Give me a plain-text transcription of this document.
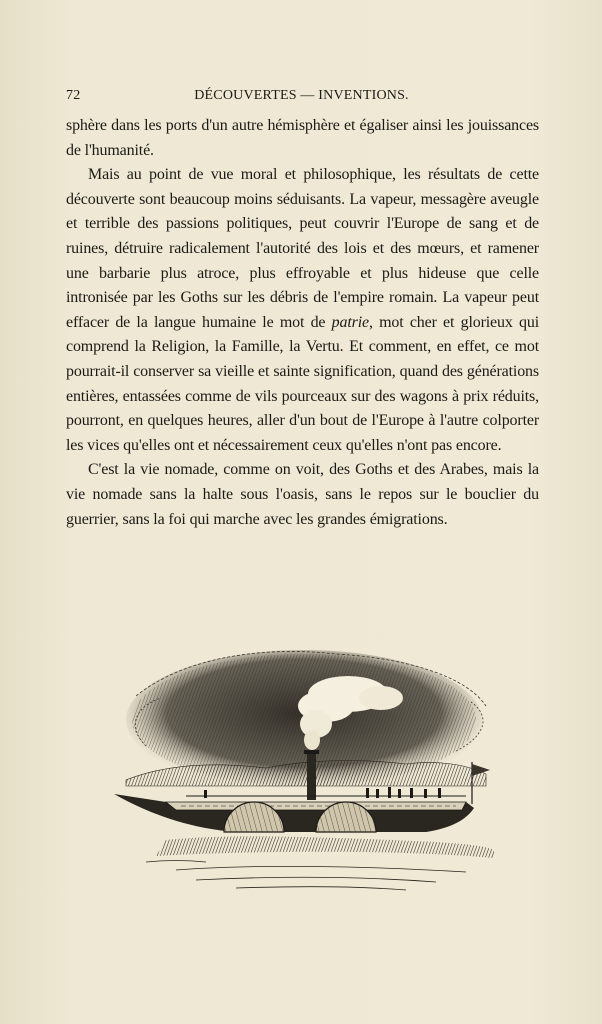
72	DÉCOUVERTES — INVENTIONS.

sphère dans les ports d'un autre hémisphère et égaliser ainsi les jouissances de l'humanité.

Mais au point de vue moral et philosophique, les résultats de cette découverte sont beaucoup moins séduisants. La vapeur, messagère aveugle et terrible des passions politiques, peut couvrir l'Europe de sang et de ruines, détruire radicalement l'autorité des lois et des mœurs, et ramener une barbarie plus atroce, plus effroyable et plus hideuse que celle intronisée par les Goths sur les débris de l'empire romain. La vapeur peut effacer de la langue humaine le mot de patrie, mot cher et glorieux qui comprend la Religion, la Famille, la Vertu. Et comment, en effet, ce mot pourrait-il conserver sa vieille et sainte signification, quand des générations entières, entassées comme de vils pourceaux sur des wagons à prix réduits, pourront, en quelques heures, aller d'un bout de l'Europe à l'autre colporter les vices qu'elles ont et nécessairement ceux qu'elles n'ont pas encore.

C'est la vie nomade, comme on voit, des Goths et des Arabes, mais la vie nomade sans la halte sous l'oasis, sans le repos sur le bouclier du guerrier, sans la foi qui marche avec les grandes émigrations.
